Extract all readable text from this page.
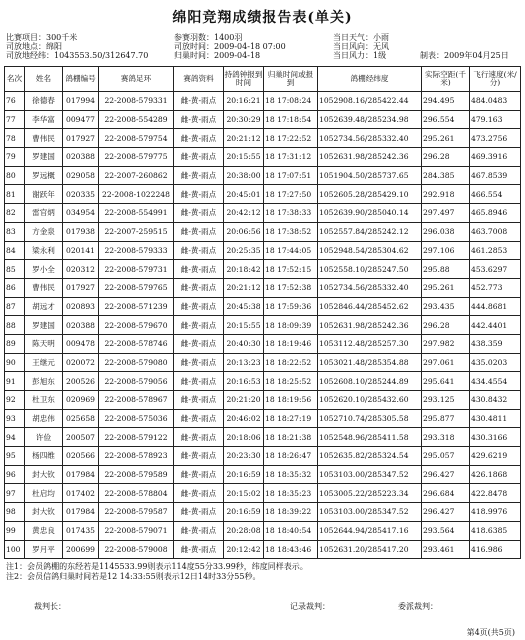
绵阳竞翔成绩报告表(单关)
比赛项目：300千米
司放地点：绵阳
司放地经纬：1043553.50/312647.70
参赛羽数：1400羽
司放时间：2009-04-18 07:00
归巢时间：2009-04-18
当日天气：小雨
当日风向：无风
当日风力：1级	制表：2009年04月25日
名次	姓名	鸽棚编号	赛鸽足环	赛鸽资料	持鸽钟报到时间	归巢时间或报到	鸽棚经纬度	实际空距(千米)	飞行速度(米/分)
76	徐德春	017994	22-2008-579331	雌-黄-雨点	20:16:21	18 17:08:24	1052908.16/285422.44	294.495	484.0483
77	李华富	009477	22-2008-554289	雌-黄-雨点	20:30:29	18 17:18:54	1052639.48/285234.98	296.554	479.163
78	曹伟民	017927	22-2008-579754	雌-黄-雨点	20:21:12	18 17:22:52	1052734.56/285332.40	295.261	473.2756
79	罗建国	020388	22-2008-579775	雌-黄-雨点	20:15:55	18 17:31:12	1052631.98/285242.36	296.28	469.3916
80	罗远概	029058	22-2007-260862	雌-黄-雨点	20:38:00	18 17:07:51	1051904.50/285737.65	284.385	467.8539
81	谢跃年	020335	22-2008-1022248	雌-黄-雨点	20:45:01	18 17:27:50	1052605.28/285429.10	292.918	466.554
82	雷官炳	034954	22-2008-554991	雌-黄-雨点	20:42:12	18 17:38:33	1052639.90/285040.14	297.497	465.8946
83	方金泉	017938	22-2007-259515	雌-黄-雨点	20:06:56	18 17:38:52	1052557.84/285242.12	296.038	463.7008
84	梁永利	020141	22-2008-579333	雌-黄-雨点	20:25:35	18 17:44:05	1052948.54/285304.62	297.106	461.2853
85	罗小全	020312	22-2008-579731	雌-黄-雨点	20:18:42	18 17:52:15	1052558.10/285247.50	295.88	453.6297
86	曹伟民	017927	22-2008-579765	雌-黄-雨点	20:21:12	18 17:52:38	1052734.56/285332.40	295.261	452.773
87	胡远才	020893	22-2008-571239	雌-黄-雨点	20:45:38	18 17:59:36	1052846.44/285452.62	293.435	444.8681
88	罗建国	020388	22-2008-579670	雌-黄-雨点	20:15:55	18 18:09:39	1052631.98/285242.36	296.28	442.4401
89	陈天明	009478	22-2008-578746	雌-黄-雨点	20:40:30	18 18:19:46	1053112.48/285257.30	297.982	438.359
90	王继元	020072	22-2008-579080	雌-黄-雨点	20:13:23	18 18:22:52	1053021.48/285354.88	297.061	435.0203
91	彭旭东	200526	22-2008-579056	雌-黄-雨点	20:16:53	18 18:25:52	1052608.10/285244.89	295.641	434.4554
92	杜卫东	020969	22-2008-578967	雌-黄-雨点	20:21:20	18 18:19:56	1052620.10/285432.60	293.125	430.8432
93	胡忠伟	025658	22-2008-575036	雌-黄-雨点	20:46:02	18 18:27:19	1052710.74/285305.58	295.877	430.4811
94	许俭	200507	22-2008-579122	雌-黄-雨点	20:18:06	18 18:21:38	1052548.96/285411.58	293.318	430.3166
95	杨四维	020566	22-2008-578923	雌-黄-雨点	20:23:30	18 18:26:47	1052635.82/285324.54	295.057	429.6219
96	封大钦	017984	22-2008-579589	雌-黄-雨点	20:16:59	18 18:35:32	1053103.00/285347.52	296.427	426.1868
97	杜启均	017402	22-2008-578804	雌-黄-雨点	20:15:02	18 18:35:23	1053005.22/285223.34	296.684	422.8478
98	封大钦	017984	22-2008-579587	雌-黄-雨点	20:16:59	18 18:39:22	1053103.00/285347.52	296.427	418.9976
99	黄忠良	017435	22-2008-579071	雌-黄-雨点	20:28:08	18 18:40:54	1052644.94/285417.16	293.564	418.6385
100	罗月平	200699	22-2008-579008	雌-黄-雨点	20:12:42	18 18:43:46	1052631.20/285417.20	293.461	416.986
注1：会员鸽棚的东经若是1145533.99则表示114度55分33.99秒，纬度同样表示。
注2：会员信鸽归巢时间若是12 14:33:55则表示12日14时33分55秒。
裁判长：	记录裁判：	委派裁判：
第4页(共5页)
